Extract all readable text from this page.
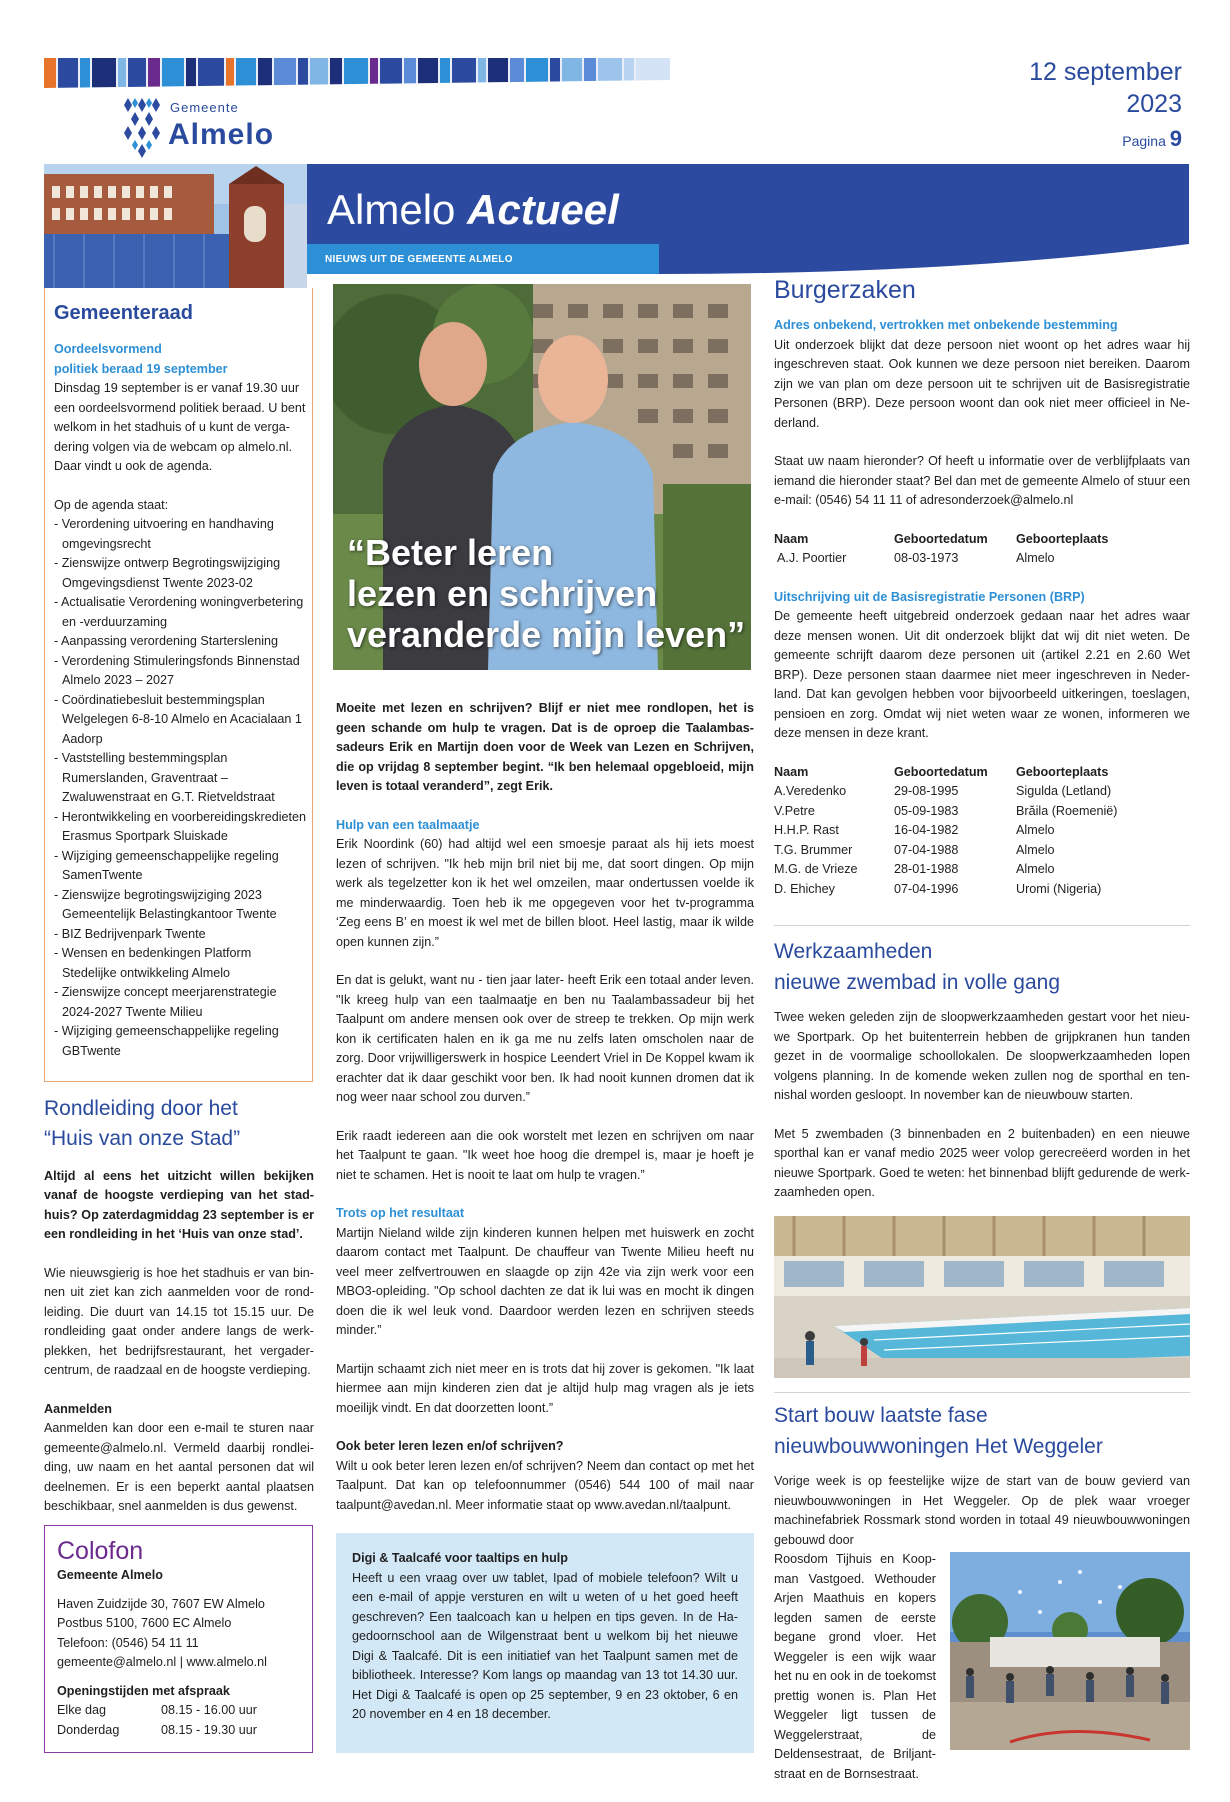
Gemeente
Almelo
12 september
2023
Pagina 9
Almelo Actueel
NIEUWS UIT DE GEMEENTE ALMELO
Gemeenteraad
Oordeelsvormend
politiek beraad 19 september
Dinsdag 19 september is er vanaf 19.30 uur een oordeelsvormend politiek beraad. U bent welkom in het stadhuis of u kunt de vergadering volgen via de webcam op almelo.nl. Daar vindt u ook de agenda.
Op de agenda staat:
- Verordening uitvoering en handhaving omgevingsrecht
- Zienswijze ontwerp Begrotingswijziging Omgevingsdienst Twente 2023-02
- Actualisatie Verordening woningverbetering en -verduurzaming
- Aanpassing verordening Starterslening
- Verordening Stimuleringsfonds Binnenstad Almelo 2023 – 2027
- Coördinatiebesluit bestemmingsplan Welgelegen 6-8-10 Almelo en Acacialaan 1 Aadorp
- Vaststelling bestemmingsplan Rumerslanden, Graventraat – Zwaluwenstraat en G.T. Rietveldstraat
- Herontwikkeling en voorbereidingskredieten Erasmus Sportpark Sluiskade
- Wijziging gemeenschappelijke regeling SamenTwente
- Zienswijze begrotingswijziging 2023 Gemeentelijk Belastingkantoor Twente
- BIZ Bedrijvenpark Twente
- Wensen en bedenkingen Platform Stedelijke ontwikkeling Almelo
- Zienswijze concept meerjarenstrategie 2024-2027 Twente Milieu
- Wijziging gemeenschappelijke regeling GBTwente
Rondleiding door het
“Huis van onze Stad”
Altijd al eens het uitzicht willen bekijken vanaf de hoogste verdieping van het stadhuis? Op zaterdagmiddag 23 september is er een rondleiding in het ‘Huis van onze stad’.
Wie nieuwsgierig is hoe het stadhuis er van binnen uit ziet kan zich aanmelden voor de rondleiding. Die duurt van 14.15 tot 15.15 uur. De rondleiding gaat onder andere langs de werkplekken, het bedrijfsrestaurant, het vergadercentrum, de raadzaal en de hoogste verdieping.
Aanmelden
Aanmelden kan door een e-mail te sturen naar gemeente@almelo.nl. Vermeld daarbij rondleiding, uw naam en het aantal personen dat wil deelnemen. Er is een beperkt aantal plaatsen beschikbaar, snel aanmelden is dus gewenst.
Colofon
Gemeente Almelo
Haven Zuidzijde 30, 7607 EW Almelo
Postbus 5100, 7600 EC Almelo
Telefoon: (0546) 54 11 11
gemeente@almelo.nl | www.almelo.nl
Openingstijden met afspraak
Elke dag	08.15 - 16.00 uur
Donderdag	08.15 - 19.30 uur
“Beter leren
lezen en schrijven
veranderde mijn leven”
Moeite met lezen en schrijven? Blijf er niet mee rondlopen, het is geen schande om hulp te vragen. Dat is de oproep die Taalambassadeurs Erik en Martijn doen voor de Week van Lezen en Schrijven, die op vrijdag 8 september begint. “Ik ben helemaal opgebloeid, mijn leven is totaal veranderd”, zegt Erik.
Hulp van een taalmaatje
Erik Noordink (60) had altijd wel een smoesje paraat als hij iets moest lezen of schrijven. "Ik heb mijn bril niet bij me, dat soort dingen. Op mijn werk als tegelzetter kon ik het wel omzeilen, maar ondertussen voelde ik me minderwaardig. Toen heb ik me opgegeven voor het tv-programma ‘Zeg eens B’ en moest ik wel met de billen bloot. Heel lastig, maar ik wilde open kunnen zijn.”
En dat is gelukt, want nu - tien jaar later- heeft Erik een totaal ander leven. "Ik kreeg hulp van een taalmaatje en ben nu Taalambassadeur bij het Taalpunt om andere mensen ook over de streep te trekken. Op mijn werk kon ik certificaten halen en ik ga me nu zelfs laten omscholen naar de zorg. Door vrijwilligerswerk in hospice Leendert Vriel in De Koppel kwam ik erachter dat ik daar geschikt voor ben. Ik had nooit kunnen dromen dat ik nog weer naar school zou durven.”
Erik raadt iedereen aan die ook worstelt met lezen en schrijven om naar het Taalpunt te gaan. "Ik weet hoe hoog die drempel is, maar je hoeft je niet te schamen. Het is nooit te laat om hulp te vragen.”
Trots op het resultaat
Martijn Nieland wilde zijn kinderen kunnen helpen met huiswerk en zocht daarom contact met Taalpunt. De chauffeur van Twente Milieu heeft nu veel meer zelfvertrouwen en slaagde op zijn 42e via zijn werk voor een MBO3-opleiding. "Op school dachten ze dat ik lui was en mocht ik dingen doen die ik wel leuk vond. Daardoor werden lezen en schrijven steeds minder.”
Martijn schaamt zich niet meer en is trots dat hij zover is gekomen. "Ik laat hiermee aan mijn kinderen zien dat je altijd hulp mag vragen als je iets moeilijk vindt. En dat doorzetten loont.”
Ook beter leren lezen en/of schrijven?
Wilt u ook beter leren lezen en/of schrijven? Neem dan contact op met het Taalpunt. Dat kan op telefoonnummer (0546) 544 100 of mail naar taalpunt@avedan.nl. Meer informatie staat op www.avedan.nl/taalpunt.
Digi & Taalcafé voor taaltips en hulp
Heeft u een vraag over uw tablet, Ipad of mobiele telefoon? Wilt u een e-mail of appje versturen en wilt u weten of u het goed heeft geschreven? Een taalcoach kan u helpen en tips geven. In de Hagedoornschool aan de Wilgenstraat bent u welkom bij het nieuwe Digi & Taalcafé. Dit is een initiatief van het Taalpunt samen met de bibliotheek. Interesse? Kom langs op maandag van 13 tot 14.30 uur. Het Digi & Taalcafé is open op 25 september, 9 en 23 oktober, 6 en 20 november en 4 en 18 december.
Burgerzaken
Adres onbekend, vertrokken met onbekende bestemming
Uit onderzoek blijkt dat deze persoon niet woont op het adres waar hij ingeschreven staat. Ook kunnen we deze persoon niet bereiken. Daarom zijn we van plan om deze persoon uit te schrijven uit de Basisregistratie Personen (BRP). Deze persoon woont dan ook niet meer officieel in Nederland.
Staat uw naam hieronder? Of heeft u informatie over de verblijfplaats van iemand die hieronder staat? Bel dan met de gemeente Almelo of stuur een e-mail: (0546) 54 11 11 of adresonderzoek@almelo.nl
Naam	Geboortedatum	Geboorteplaats
A.J. Poortier	08-03-1973	Almelo
Uitschrijving uit de Basisregistratie Personen (BRP)
De gemeente heeft uitgebreid onderzoek gedaan naar het adres waar deze mensen wonen. Uit dit onderzoek blijkt dat wij dit niet weten. De gemeente schrijft daarom deze personen uit (artikel 2.21 en 2.60 Wet BRP). Deze personen staan daarmee niet meer ingeschreven in Nederland. Dat kan gevolgen hebben voor bijvoorbeeld uitkeringen, toeslagen, pensioen en zorg. Omdat wij niet weten waar ze wonen, informeren we deze mensen in deze krant.
Naam	Geboortedatum	Geboorteplaats
A.Veredenko	29-08-1995	Sigulda (Letland)
V.Petre	05-09-1983	Brăila (Roemenië)
H.H.P. Rast	16-04-1982	Almelo
T.G. Brummer	07-04-1988	Almelo
M.G. de Vrieze	28-01-1988	Almelo
D. Ehichey	07-04-1996	Uromi (Nigeria)
Werkzaamheden
nieuwe zwembad in volle gang
Twee weken geleden zijn de sloopwerkzaamheden gestart voor het nieuwe Sportpark. Op het buitenterrein hebben de grijpkranen hun tanden gezet in de voormalige schoollokalen. De sloopwerkzaamheden lopen volgens planning. In de komende weken zullen nog de sporthal en tennishal worden gesloopt. In november kan de nieuwbouw starten.
Met 5 zwembaden (3 binnenbaden en 2 buitenbaden) en een nieuwe sporthal kan er vanaf medio 2025 weer volop gerecreëerd worden in het nieuwe Sportpark. Goed te weten: het binnenbad blijft gedurende de werkzaamheden open.
Start bouw laatste fase
nieuwbouwwoningen Het Weggeler
Vorige week is op feestelijke wijze de start van de bouw gevierd van nieuwbouwwoningen in Het Weggeler. Op de plek waar vroeger machinefabriek Rossmark stond worden in totaal 49 nieuwbouwwoningen gebouwd door
Roosdom Tijhuis en Koopman Vastgoed. Wethouder Arjen Maathuis en kopers legden samen de eerste begane grond vloer. Het Weggeler is een wijk waar het nu en ook in de toekomst prettig wonen is. Plan Het Weggeler ligt tussen de Weggelerstraat, de Deldensestraat, de Briljantstraat en de Bornsestraat.
